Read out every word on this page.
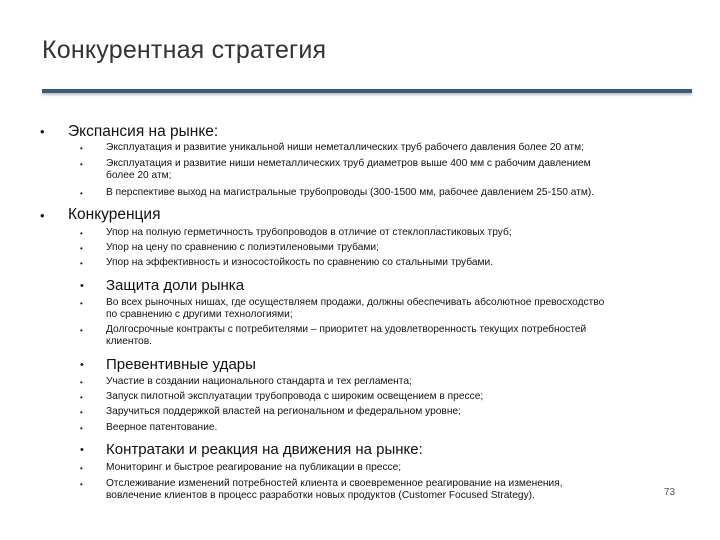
Конкурентная стратегия
• Экспансия на рынке:
• Эксплуатация и развитие уникальной ниши неметаллических труб рабочего давления более 20 атм;
• Эксплуатация и развитие ниши неметаллических труб диаметров выше 400 мм с рабочим давлением
более 20 атм;
• В перспективе выход на магистральные трубопроводы (300-1500 мм, рабочее давлением 25-150 атм).
• Конкуренция
• Упор на полную герметичность трубопроводов в отличие от стеклопластиковых труб;
• Упор на цену по сравнению с полиэтиленовыми трубами;
• Упор на эффективность и износостойкость по сравнению со стальными трубами.
• Защита доли рынка
• Во всех рыночных нишах, где осуществляем продажи, должны обеспечивать абсолютное превосходство
по сравнению с другими технологиями;
• Долгосрочные контракты с потребителями – приоритет на удовлетворенность текущих потребностей
клиентов.
• Превентивные удары
• Участие в создании национального стандарта и тех регламента;
• Запуск пилотной эксплуатации трубопровода с широким освещением в прессе;
• Заручиться поддержкой властей на региональном и федеральном уровне;
• Веерное патентование.
• Контратаки и реакция на движения на рынке:
• Мониторинг и быстрое реагирование на публикации в прессе;
• Отслеживание изменений потребностей клиента и своевременное реагирование на изменения,
вовлечение клиентов в процесс разработки новых продуктов (Customer Focused Strategy).	73
